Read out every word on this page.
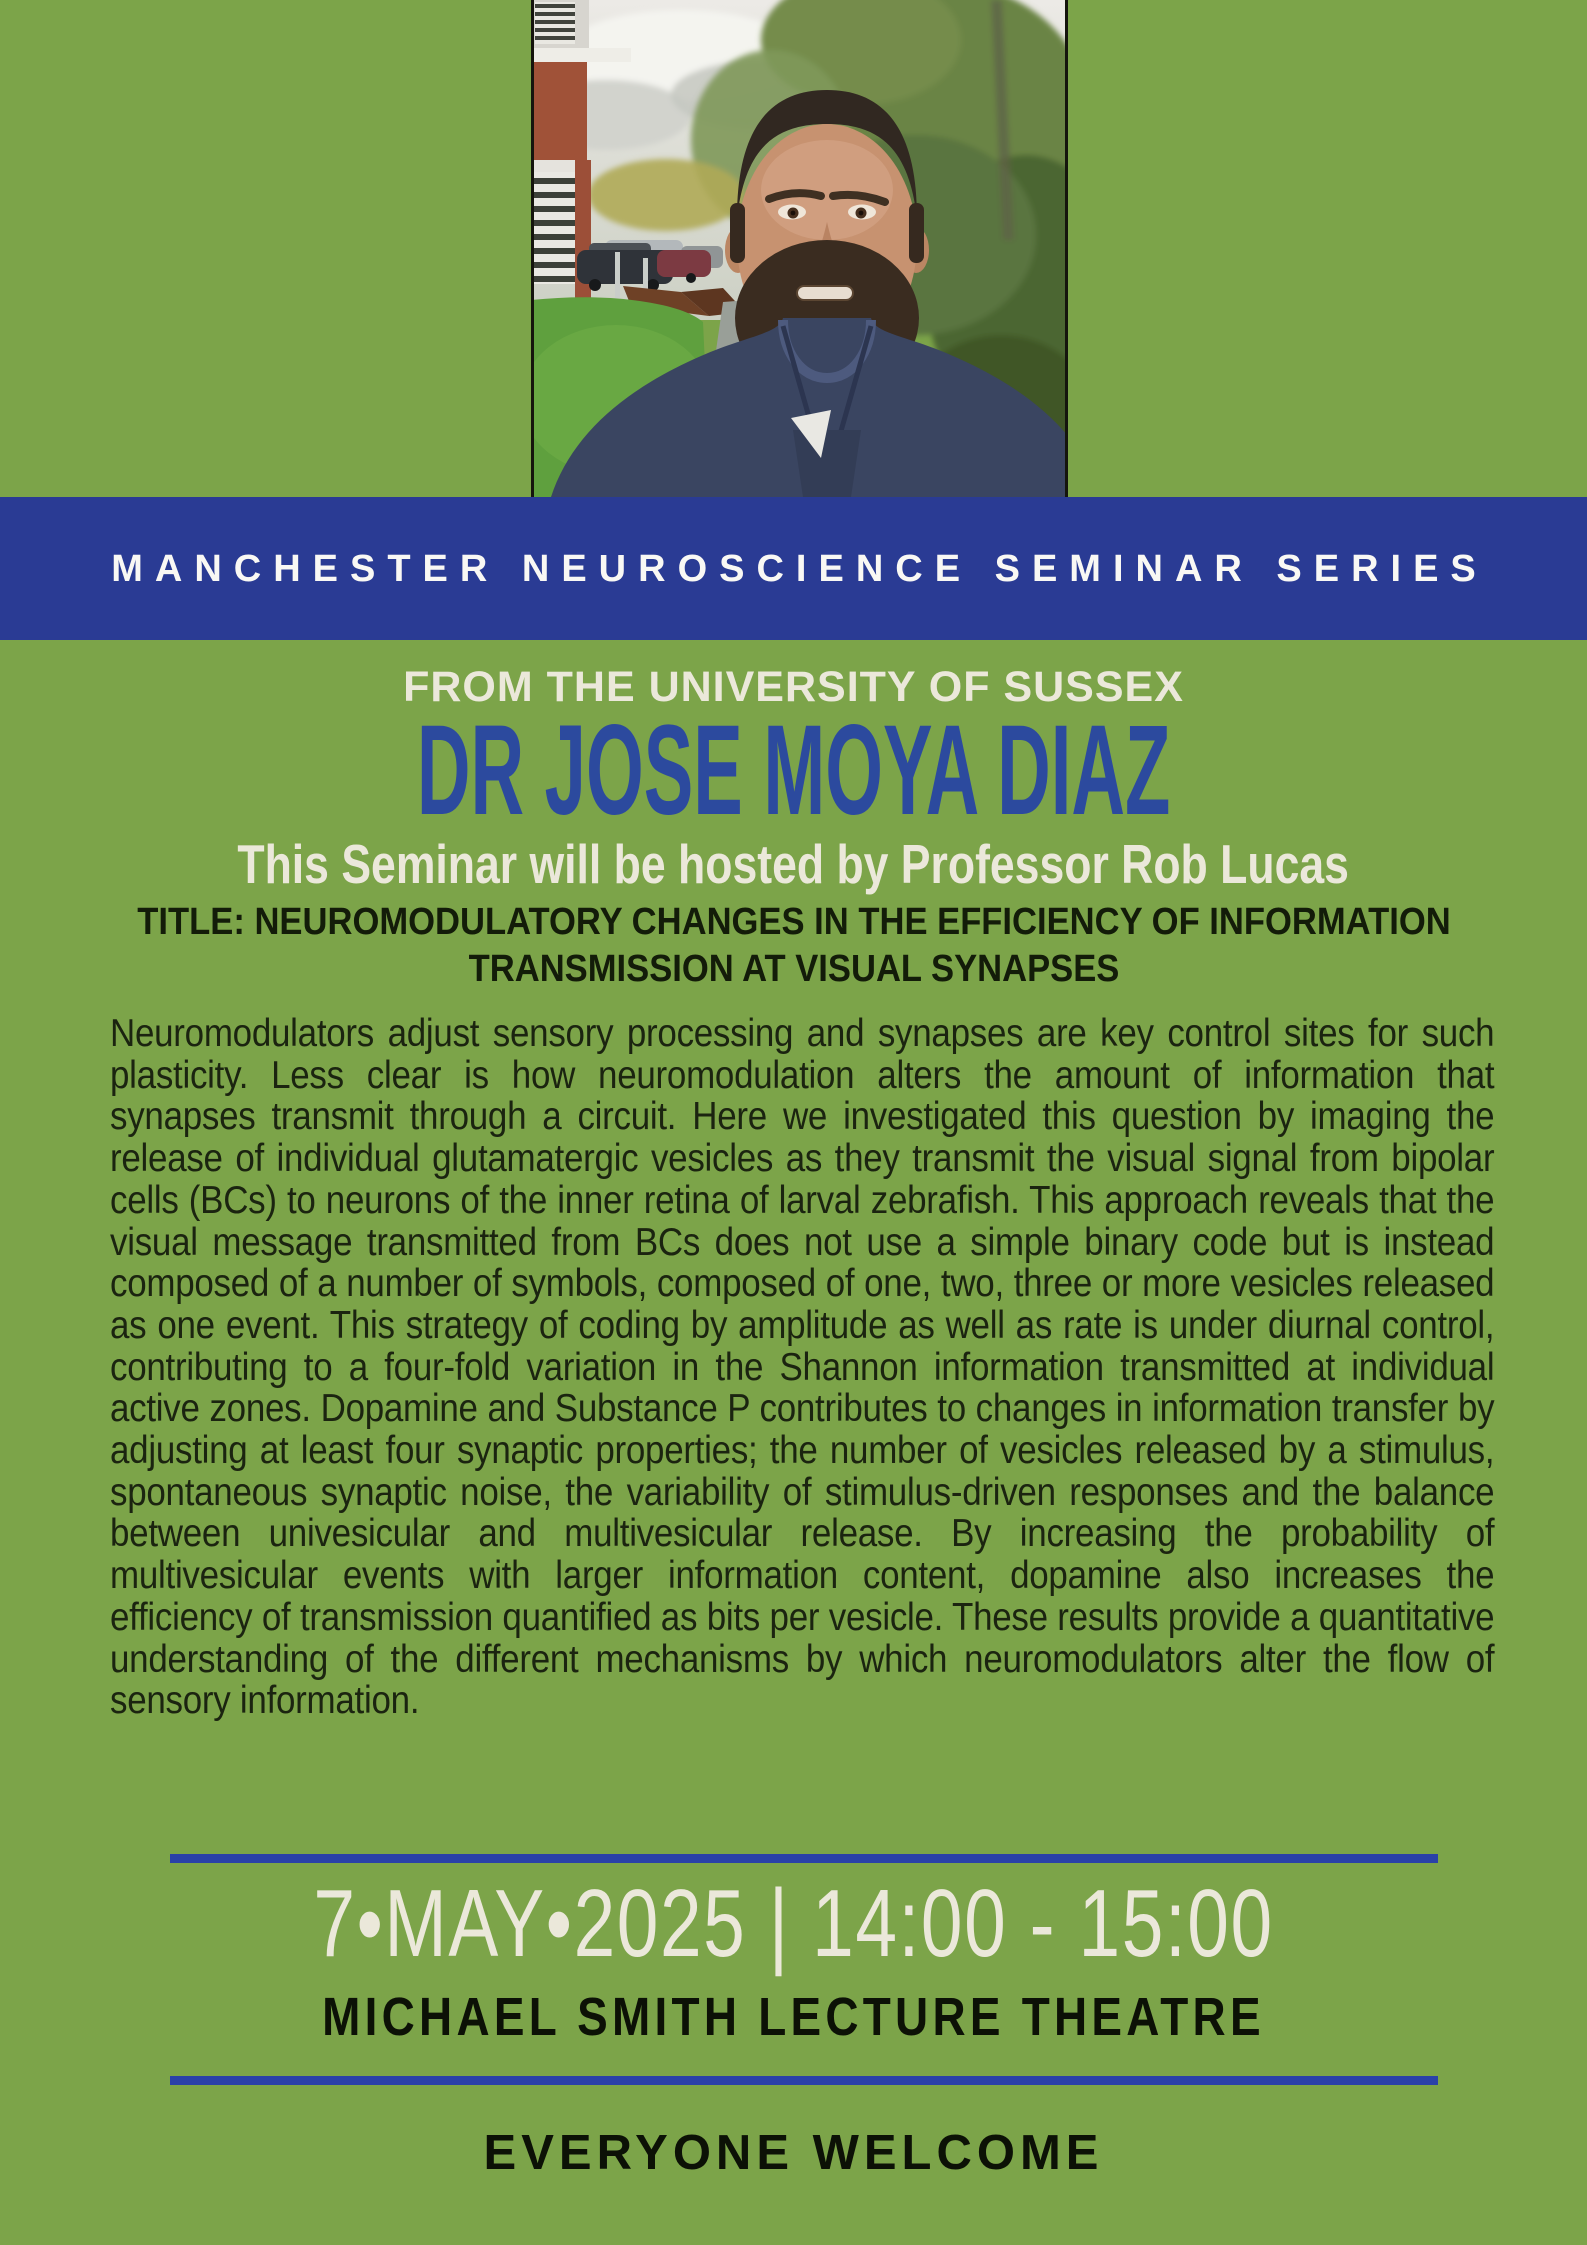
MANCHESTER NEUROSCIENCE SEMINAR SERIES
FROM THE UNIVERSITY OF SUSSEX
DR JOSE MOYA DIAZ
This Seminar will be hosted by Professor Rob Lucas
TITLE: NEUROMODULATORY CHANGES IN THE EFFICIENCY OF INFORMATION TRANSMISSION AT VISUAL SYNAPSES
Neuromodulators adjust sensory processing and synapses are key control sites for such plasticity. Less clear is how neuromodulation alters the amount of information that synapses transmit through a circuit. Here we investigated this question by imaging the release of individual glutamatergic vesicles as they transmit the visual signal from bipolar cells (BCs) to neurons of the inner retina of larval zebrafish. This approach reveals that the visual message transmitted from BCs does not use a simple binary code but is instead composed of a number of symbols, composed of one, two, three or more vesicles released as one event. This strategy of coding by amplitude as well as rate is under diurnal control, contributing to a four-fold variation in the Shannon information transmitted at individual active zones. Dopamine and Substance P contributes to changes in information transfer by adjusting at least four synaptic properties; the number of vesicles released by a stimulus, spontaneous synaptic noise, the variability of stimulus-driven responses and the balance between univesicular and multivesicular release. By increasing the probability of multivesicular events with larger information content, dopamine also increases the efficiency of transmission quantified as bits per vesicle. These results provide a quantitative understanding of the different mechanisms by which neuromodulators alter the flow of sensory information.
7•MAY•2025 | 14:00 - 15:00
MICHAEL SMITH LECTURE THEATRE
EVERYONE WELCOME
